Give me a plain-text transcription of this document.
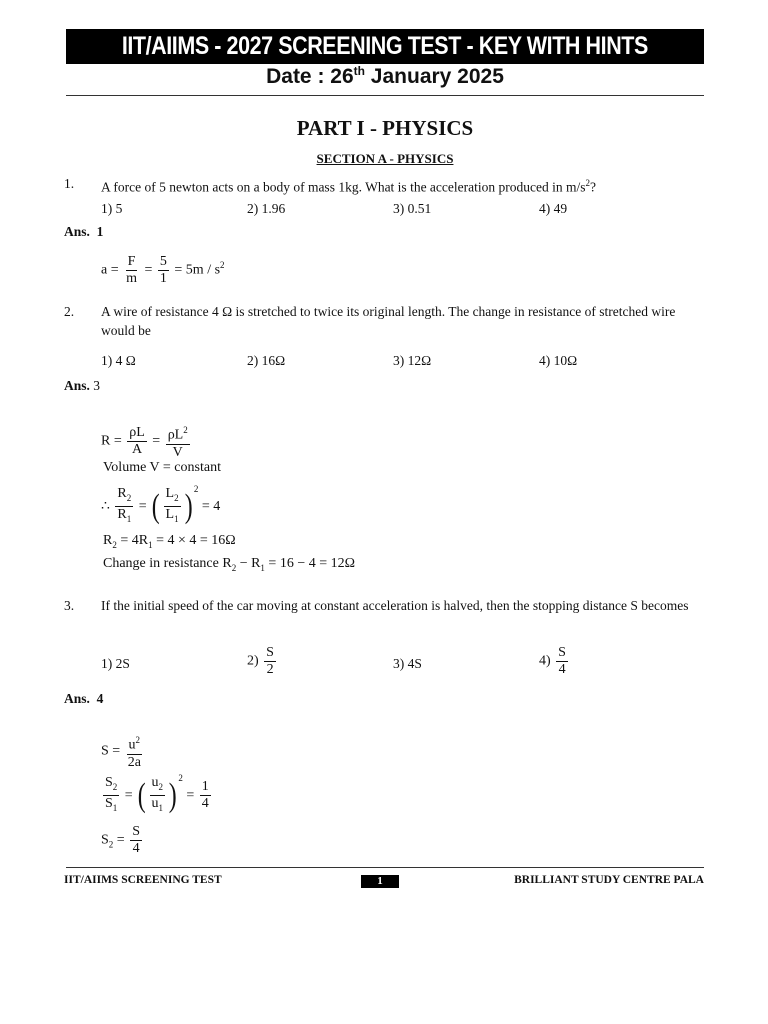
IIT/AIIMS - 2027 SCREENING TEST - KEY WITH HINTS
Date : 26th January 2025
PART I - PHYSICS
SECTION A - PHYSICS
1. A force of 5 newton acts on a body of mass 1kg. What is the acceleration produced in $m/s^2$?
1) 5	2) 1.96	3) 0.51	4) 49
Ans. 1
$a = \frac{F}{m} = \frac{5}{1} = 5m / s^2$
2. A wire of resistance 4 Ω is stretched to twice its original length. The change in resistance of stretched wire would be
1) 4 Ω	2) 16Ω	3) 12Ω	4) 10Ω
Ans. 3
$R = \frac{\rho L}{A} = \frac{\rho L^2}{V}$
Volume V = constant
∴ $\frac{R_2}{R_1}$ = ( $\frac{L_2}{L_1}$ ) $^2$ = 4
$R_2 = 4R_1 = 4 \times 4 = 16\Omega$
Change in resistance $R_2 - R_1 = 16 - 4 = 12\Omega$
3. If the initial speed of the car moving at constant acceleration is halved, then the stopping distance S becomes
1) 2S	$2) \frac{S}{2}$	3) 4S	$4) \frac{S}{4}$
Ans. 4
$S = \frac{u^2}{2a}$
$\frac{S_2}{S_1}$ = ( $\frac{u_2}{u_1}$ ) $^2 = \frac{1}{4}$
$S_2 = \frac{S}{4}$
IIT/AIIMS SCREENING TEST	1	BRILLIANT STUDY CENTRE PALA
